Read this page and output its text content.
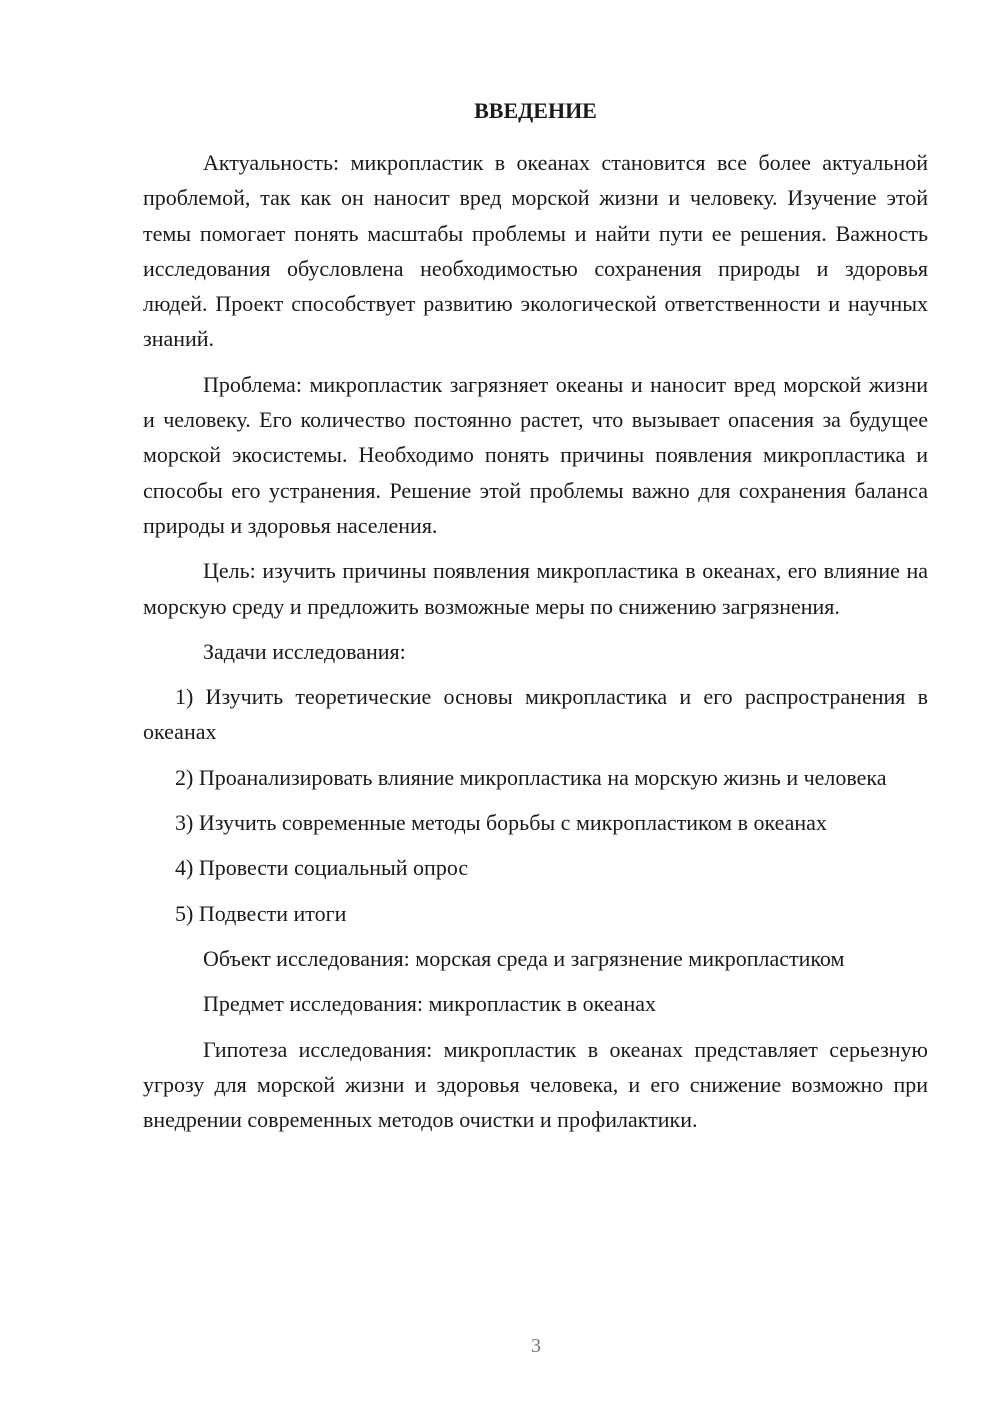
ВВЕДЕНИЕ
Актуальность: микропластик в океанах становится все более актуальной проблемой, так как он наносит вред морской жизни и человеку. Изучение этой темы помогает понять масштабы проблемы и найти пути ее решения. Важность исследования обусловлена необходимостью сохранения природы и здоровья людей. Проект способствует развитию экологической ответственности и научных знаний.
Проблема: микропластик загрязняет океаны и наносит вред морской жизни и человеку. Его количество постоянно растет, что вызывает опасения за будущее морской экосистемы. Необходимо понять причины появления микропластика и способы его устранения. Решение этой проблемы важно для сохранения баланса природы и здоровья населения.
Цель: изучить причины появления микропластика в океанах, его влияние на морскую среду и предложить возможные меры по снижению загрязнения.
Задачи исследования:
1) Изучить теоретические основы микропластика и его распространения в океанах
2) Проанализировать влияние микропластика на морскую жизнь и человека
3) Изучить современные методы борьбы с микропластиком в океанах
4) Провести социальный опрос
5) Подвести итоги
Объект исследования: морская среда и загрязнение микропластиком
Предмет исследования: микропластик в океанах
Гипотеза исследования: микропластик в океанах представляет серьезную угрозу для морской жизни и здоровья человека, и его снижение возможно при внедрении современных методов очистки и профилактики.
3
